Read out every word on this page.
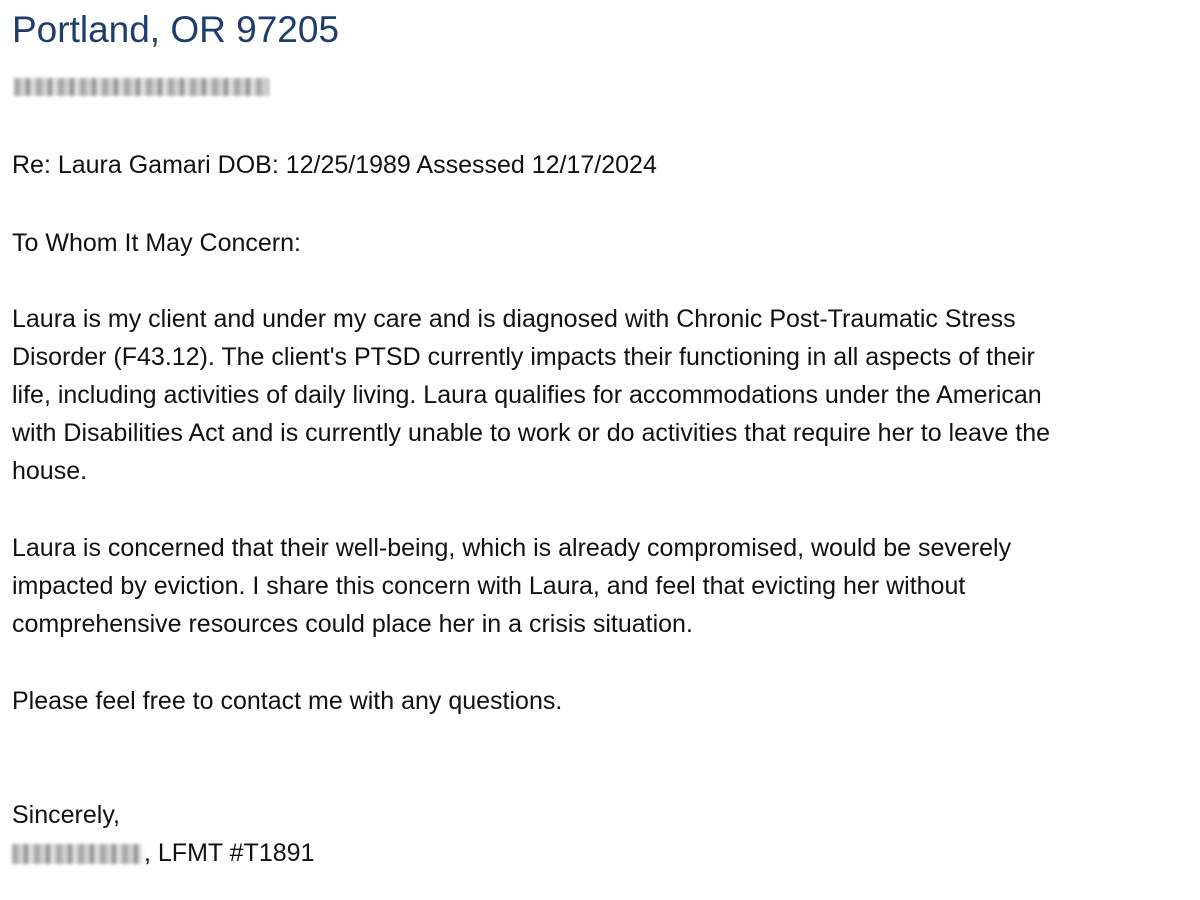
Portland, OR 97205

Re: Laura Gamari DOB: 12/25/1989 Assessed 12/17/2024

To Whom It May Concern:

Laura is my client and under my care and is diagnosed with Chronic Post-Traumatic Stress

Disorder (F43.12). The client's PTSD currently impacts their functioning in all aspects of their

life, including activities of daily living. Laura qualifies for accommodations under the American

with Disabilities Act and is currently unable to work or do activities that require her to leave the

house.

Laura is concerned that their well-being, which is already compromised, would be severely

impacted by eviction. I share this concern with Laura, and feel that evicting her without

comprehensive resources could place her in a crisis situation.

Please feel free to contact me with any questions.

Sincerely,

, LFMT #T1891
